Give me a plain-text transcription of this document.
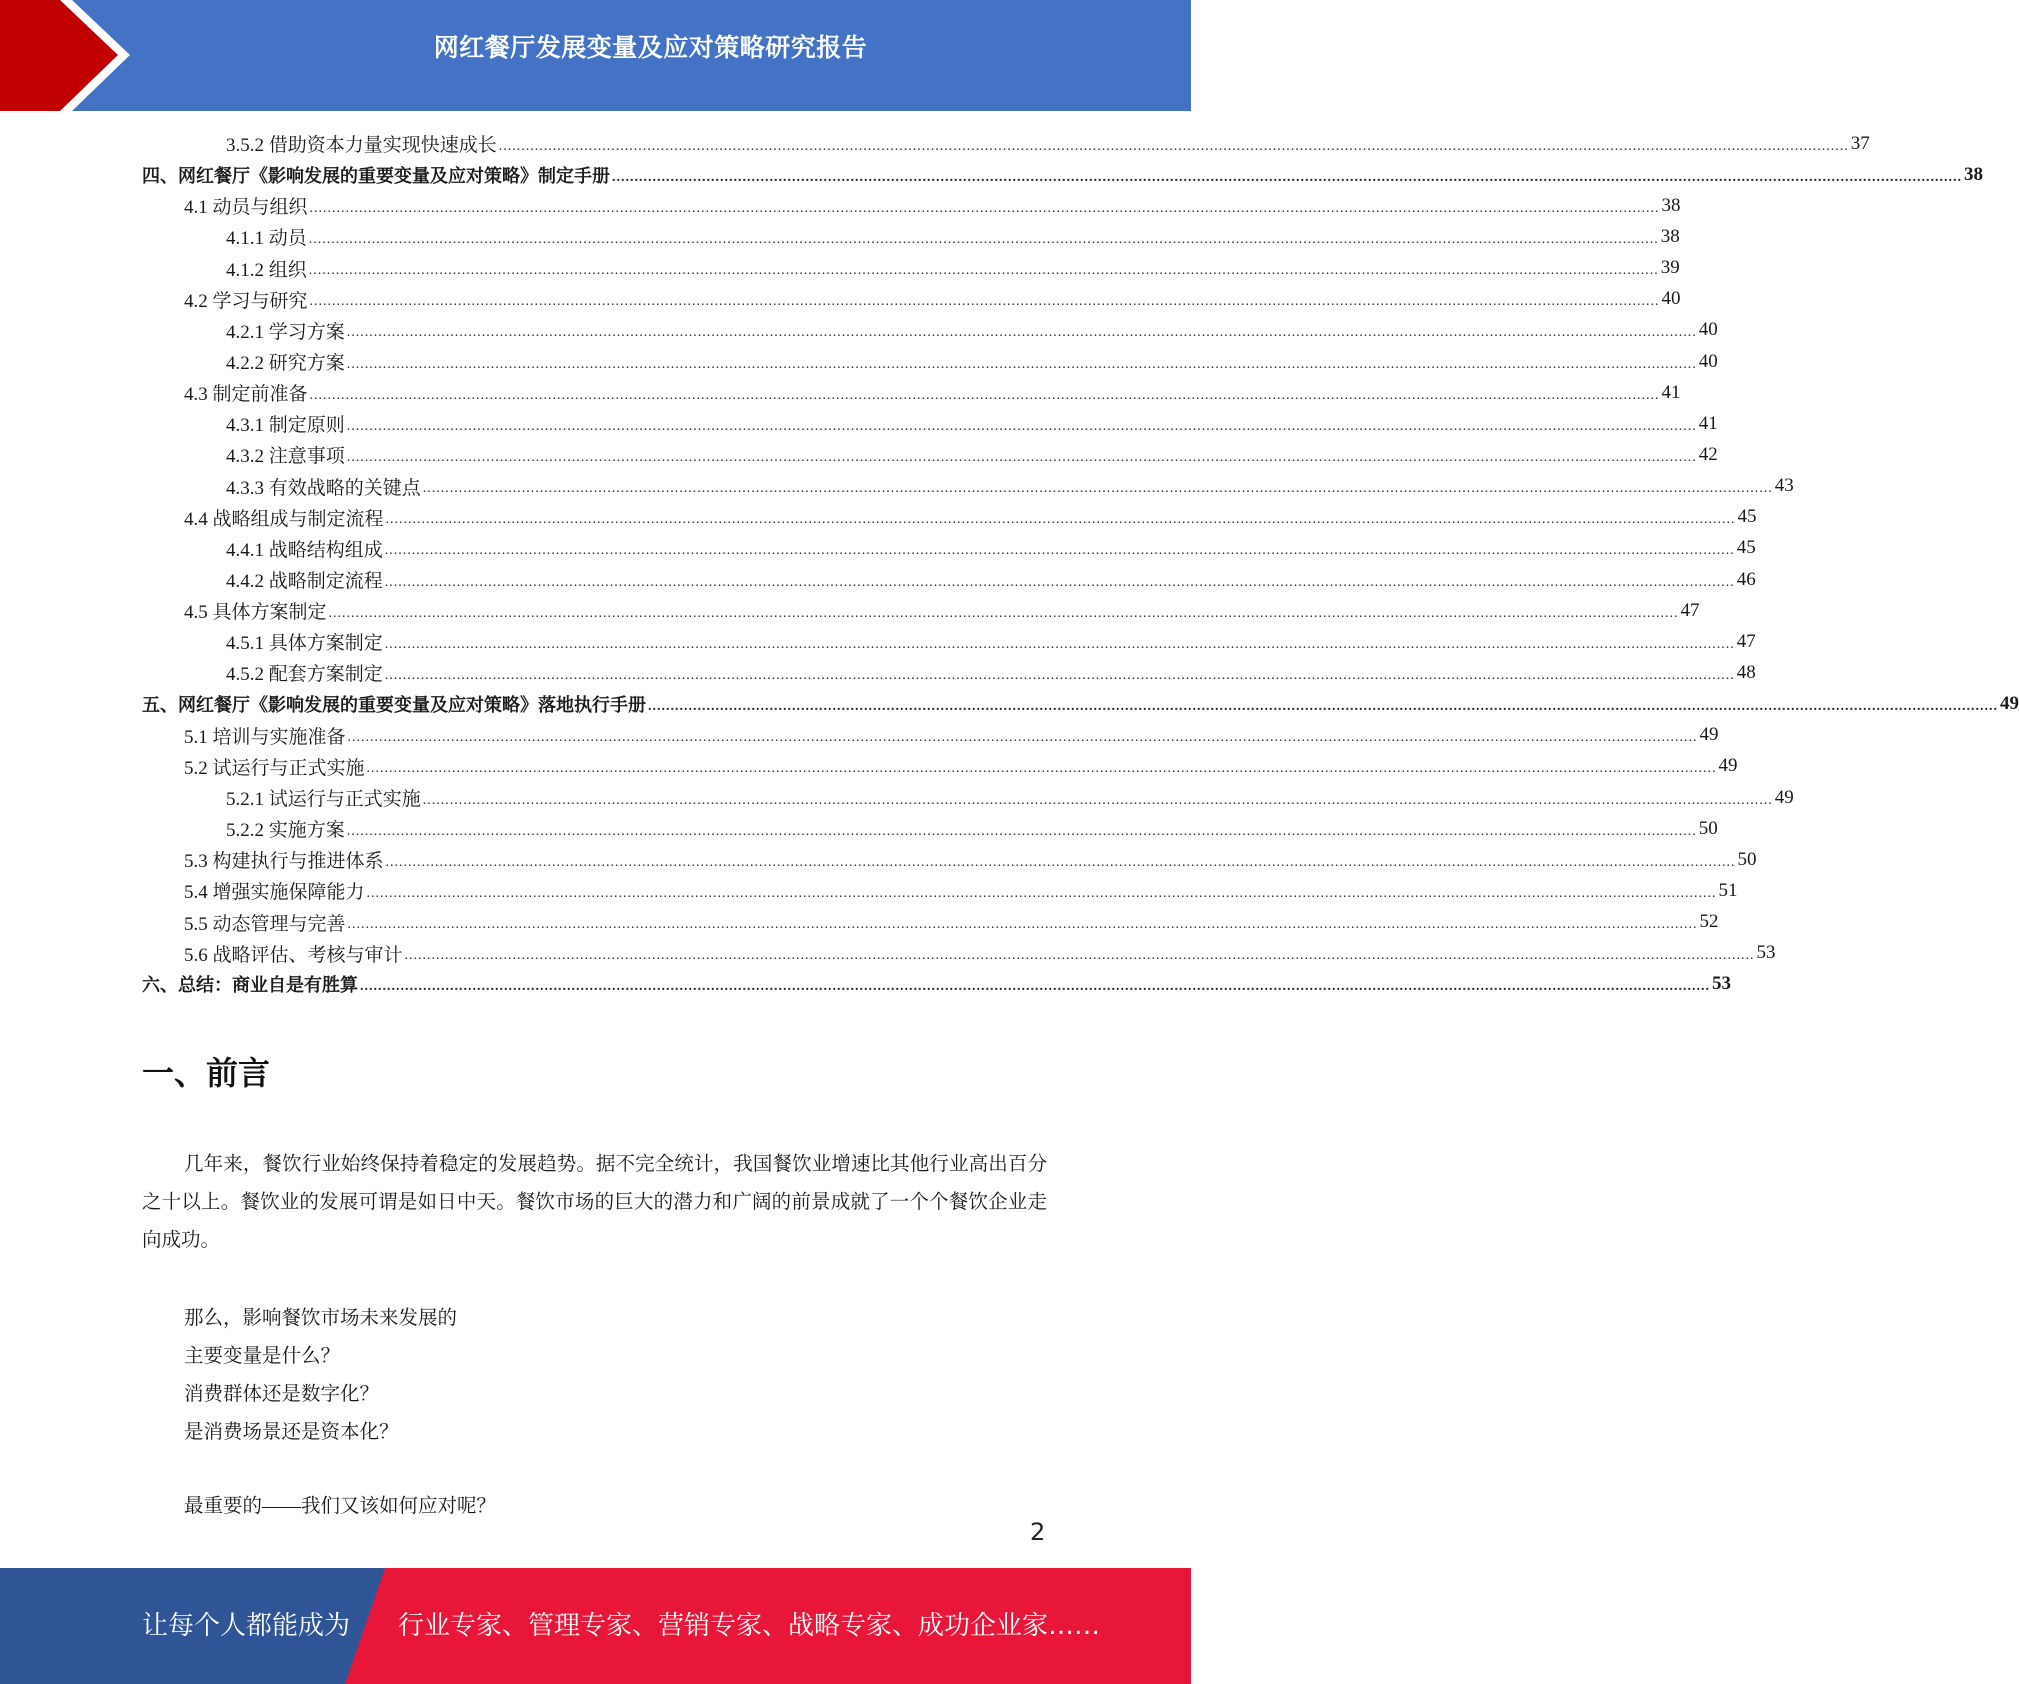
网红餐厅发展变量及应对策略研究报告
3.5.2 借助资本力量实现快速成长 ............................................................................................................................................................................................................................................................................................................ 37
四、网红餐厅《影响发展的重要变量及应对策略》制定手册 ............................................................................................................................................................................................................................................................................................................ 38
4.1 动员与组织 ............................................................................................................................................................................................................................................................................................................ 38
4.1.1 动员 ............................................................................................................................................................................................................................................................................................................ 38
4.1.2 组织 ............................................................................................................................................................................................................................................................................................................ 39
4.2 学习与研究 ............................................................................................................................................................................................................................................................................................................ 40
4.2.1 学习方案 ............................................................................................................................................................................................................................................................................................................ 40
4.2.2 研究方案 ............................................................................................................................................................................................................................................................................................................ 40
4.3 制定前准备 ............................................................................................................................................................................................................................................................................................................ 41
4.3.1 制定原则 ............................................................................................................................................................................................................................................................................................................ 41
4.3.2 注意事项 ............................................................................................................................................................................................................................................................................................................ 42
4.3.3 有效战略的关键点 ............................................................................................................................................................................................................................................................................................................ 43
4.4 战略组成与制定流程 ............................................................................................................................................................................................................................................................................................................ 45
4.4.1 战略结构组成 ............................................................................................................................................................................................................................................................................................................ 45
4.4.2 战略制定流程 ............................................................................................................................................................................................................................................................................................................ 46
4.5 具体方案制定 ............................................................................................................................................................................................................................................................................................................ 47
4.5.1 具体方案制定 ............................................................................................................................................................................................................................................................................................................ 47
4.5.2 配套方案制定 ............................................................................................................................................................................................................................................................................................................ 48
五、网红餐厅《影响发展的重要变量及应对策略》落地执行手册 ............................................................................................................................................................................................................................................................................................................ 49
5.1 培训与实施准备 ............................................................................................................................................................................................................................................................................................................ 49
5.2 试运行与正式实施 ............................................................................................................................................................................................................................................................................................................ 49
5.2.1 试运行与正式实施 ............................................................................................................................................................................................................................................................................................................ 49
5.2.2 实施方案 ............................................................................................................................................................................................................................................................................................................ 50
5.3 构建执行与推进体系 ............................................................................................................................................................................................................................................................................................................ 50
5.4 增强实施保障能力 ............................................................................................................................................................................................................................................................................................................ 51
5.5 动态管理与完善 ............................................................................................................................................................................................................................................................................................................ 52
5.6 战略评估、考核与审计 ............................................................................................................................................................................................................................................................................................................ 53
六、总结：商业自是有胜算 ............................................................................................................................................................................................................................................................................................................ 53
一、前言
几年来，餐饮行业始终保持着稳定的发展趋势。据不完全统计，我国餐饮业增速比其他行业高出百分之十以上。餐饮业的发展可谓是如日中天。餐饮市场的巨大的潜力和广阔的前景成就了一个个餐饮企业走向成功。
那么，影响餐饮市场未来发展的
主要变量是什么？
消费群体还是数字化？
是消费场景还是资本化？
最重要的——我们又该如何应对呢？
2
让每个人都能成为 行业专家、管理专家、营销专家、战略专家、成功企业家……
